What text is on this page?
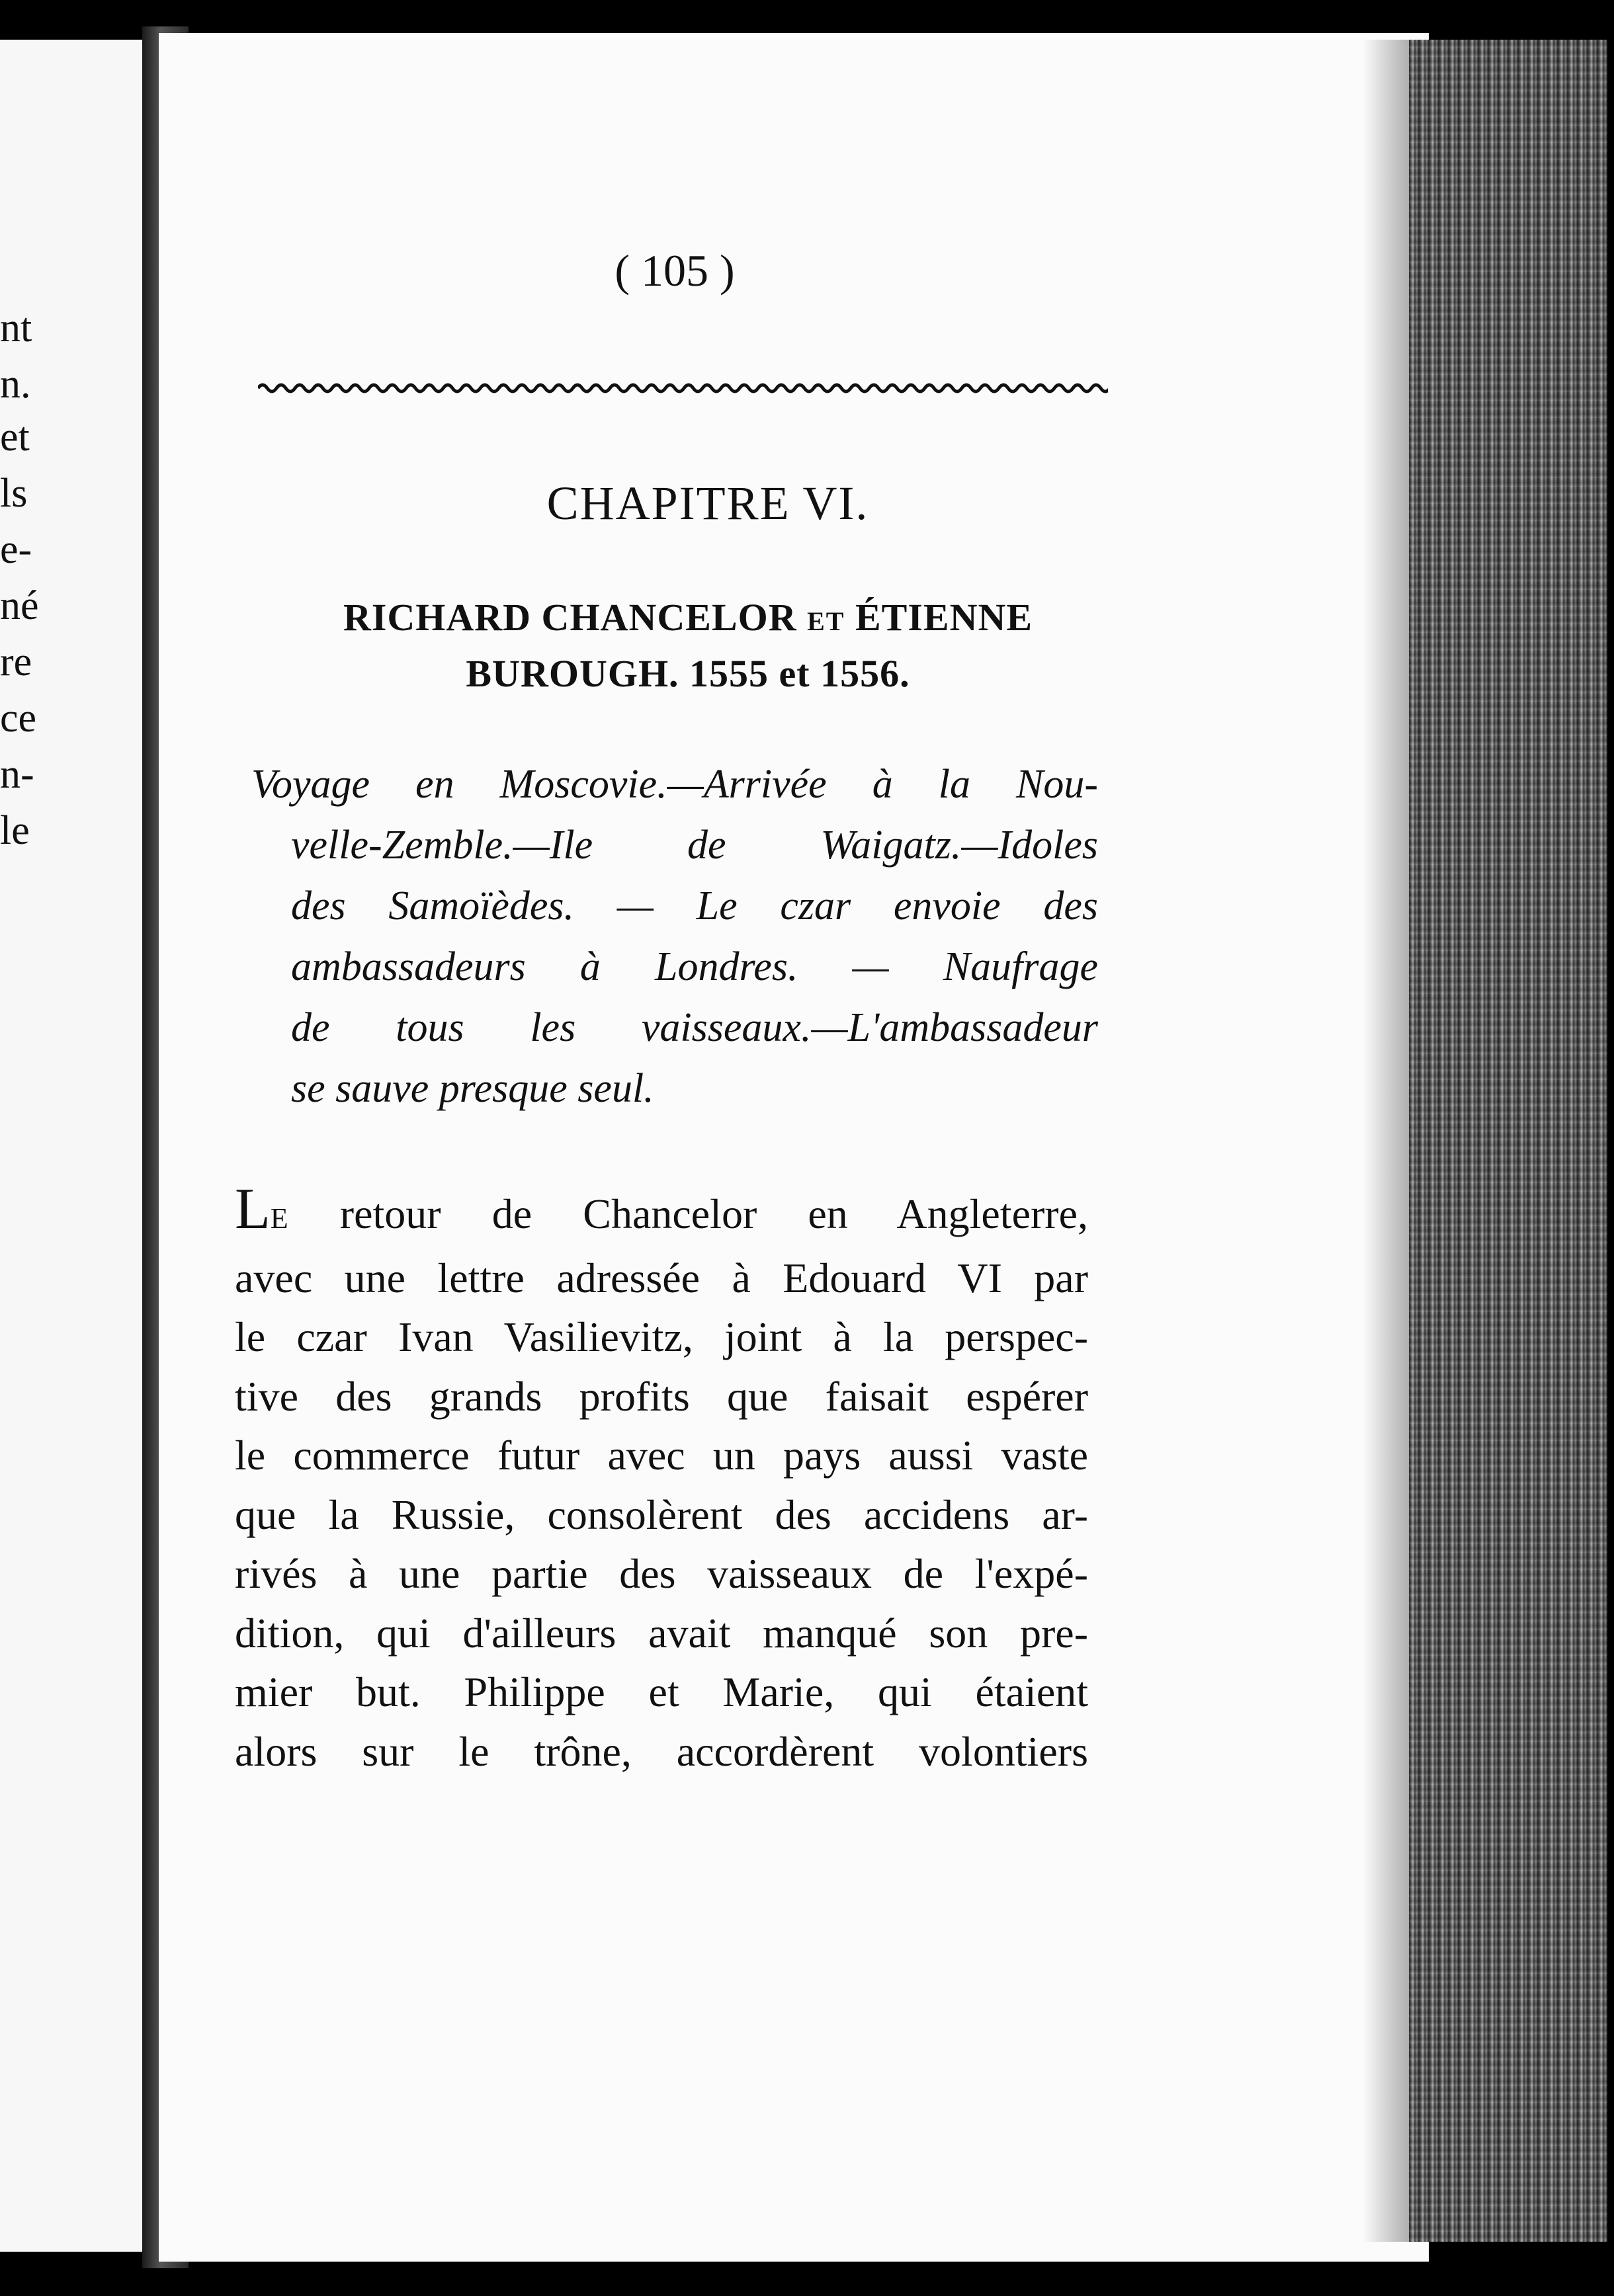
nt
n.
et
ls
e-
né
re
ce
n-
le
( 105 )
CHAPITRE VI.
RICHARD CHANCELOR ET ÉTIENNE
BUROUGH. 1555 et 1556.
Voyage en Moscovie.—Arrivée à la Nou-
velle-Zemble.—Ile de Waigatz.—Idoles
des Samoïèdes. — Le czar envoie des
ambassadeurs à Londres. — Naufrage
de tous les vaisseaux.—L'ambassadeur
se sauve presque seul.
LE retour de Chancelor en Angleterre,
avec une lettre adressée à Edouard VI par
le czar Ivan Vasilievitz, joint à la perspec-
tive des grands profits que faisait espérer
le commerce futur avec un pays aussi vaste
que la Russie, consolèrent des accidens ar-
rivés à une partie des vaisseaux de l'expé-
dition, qui d'ailleurs avait manqué son pre-
mier but. Philippe et Marie, qui étaient
alors sur le trône, accordèrent volontiers
